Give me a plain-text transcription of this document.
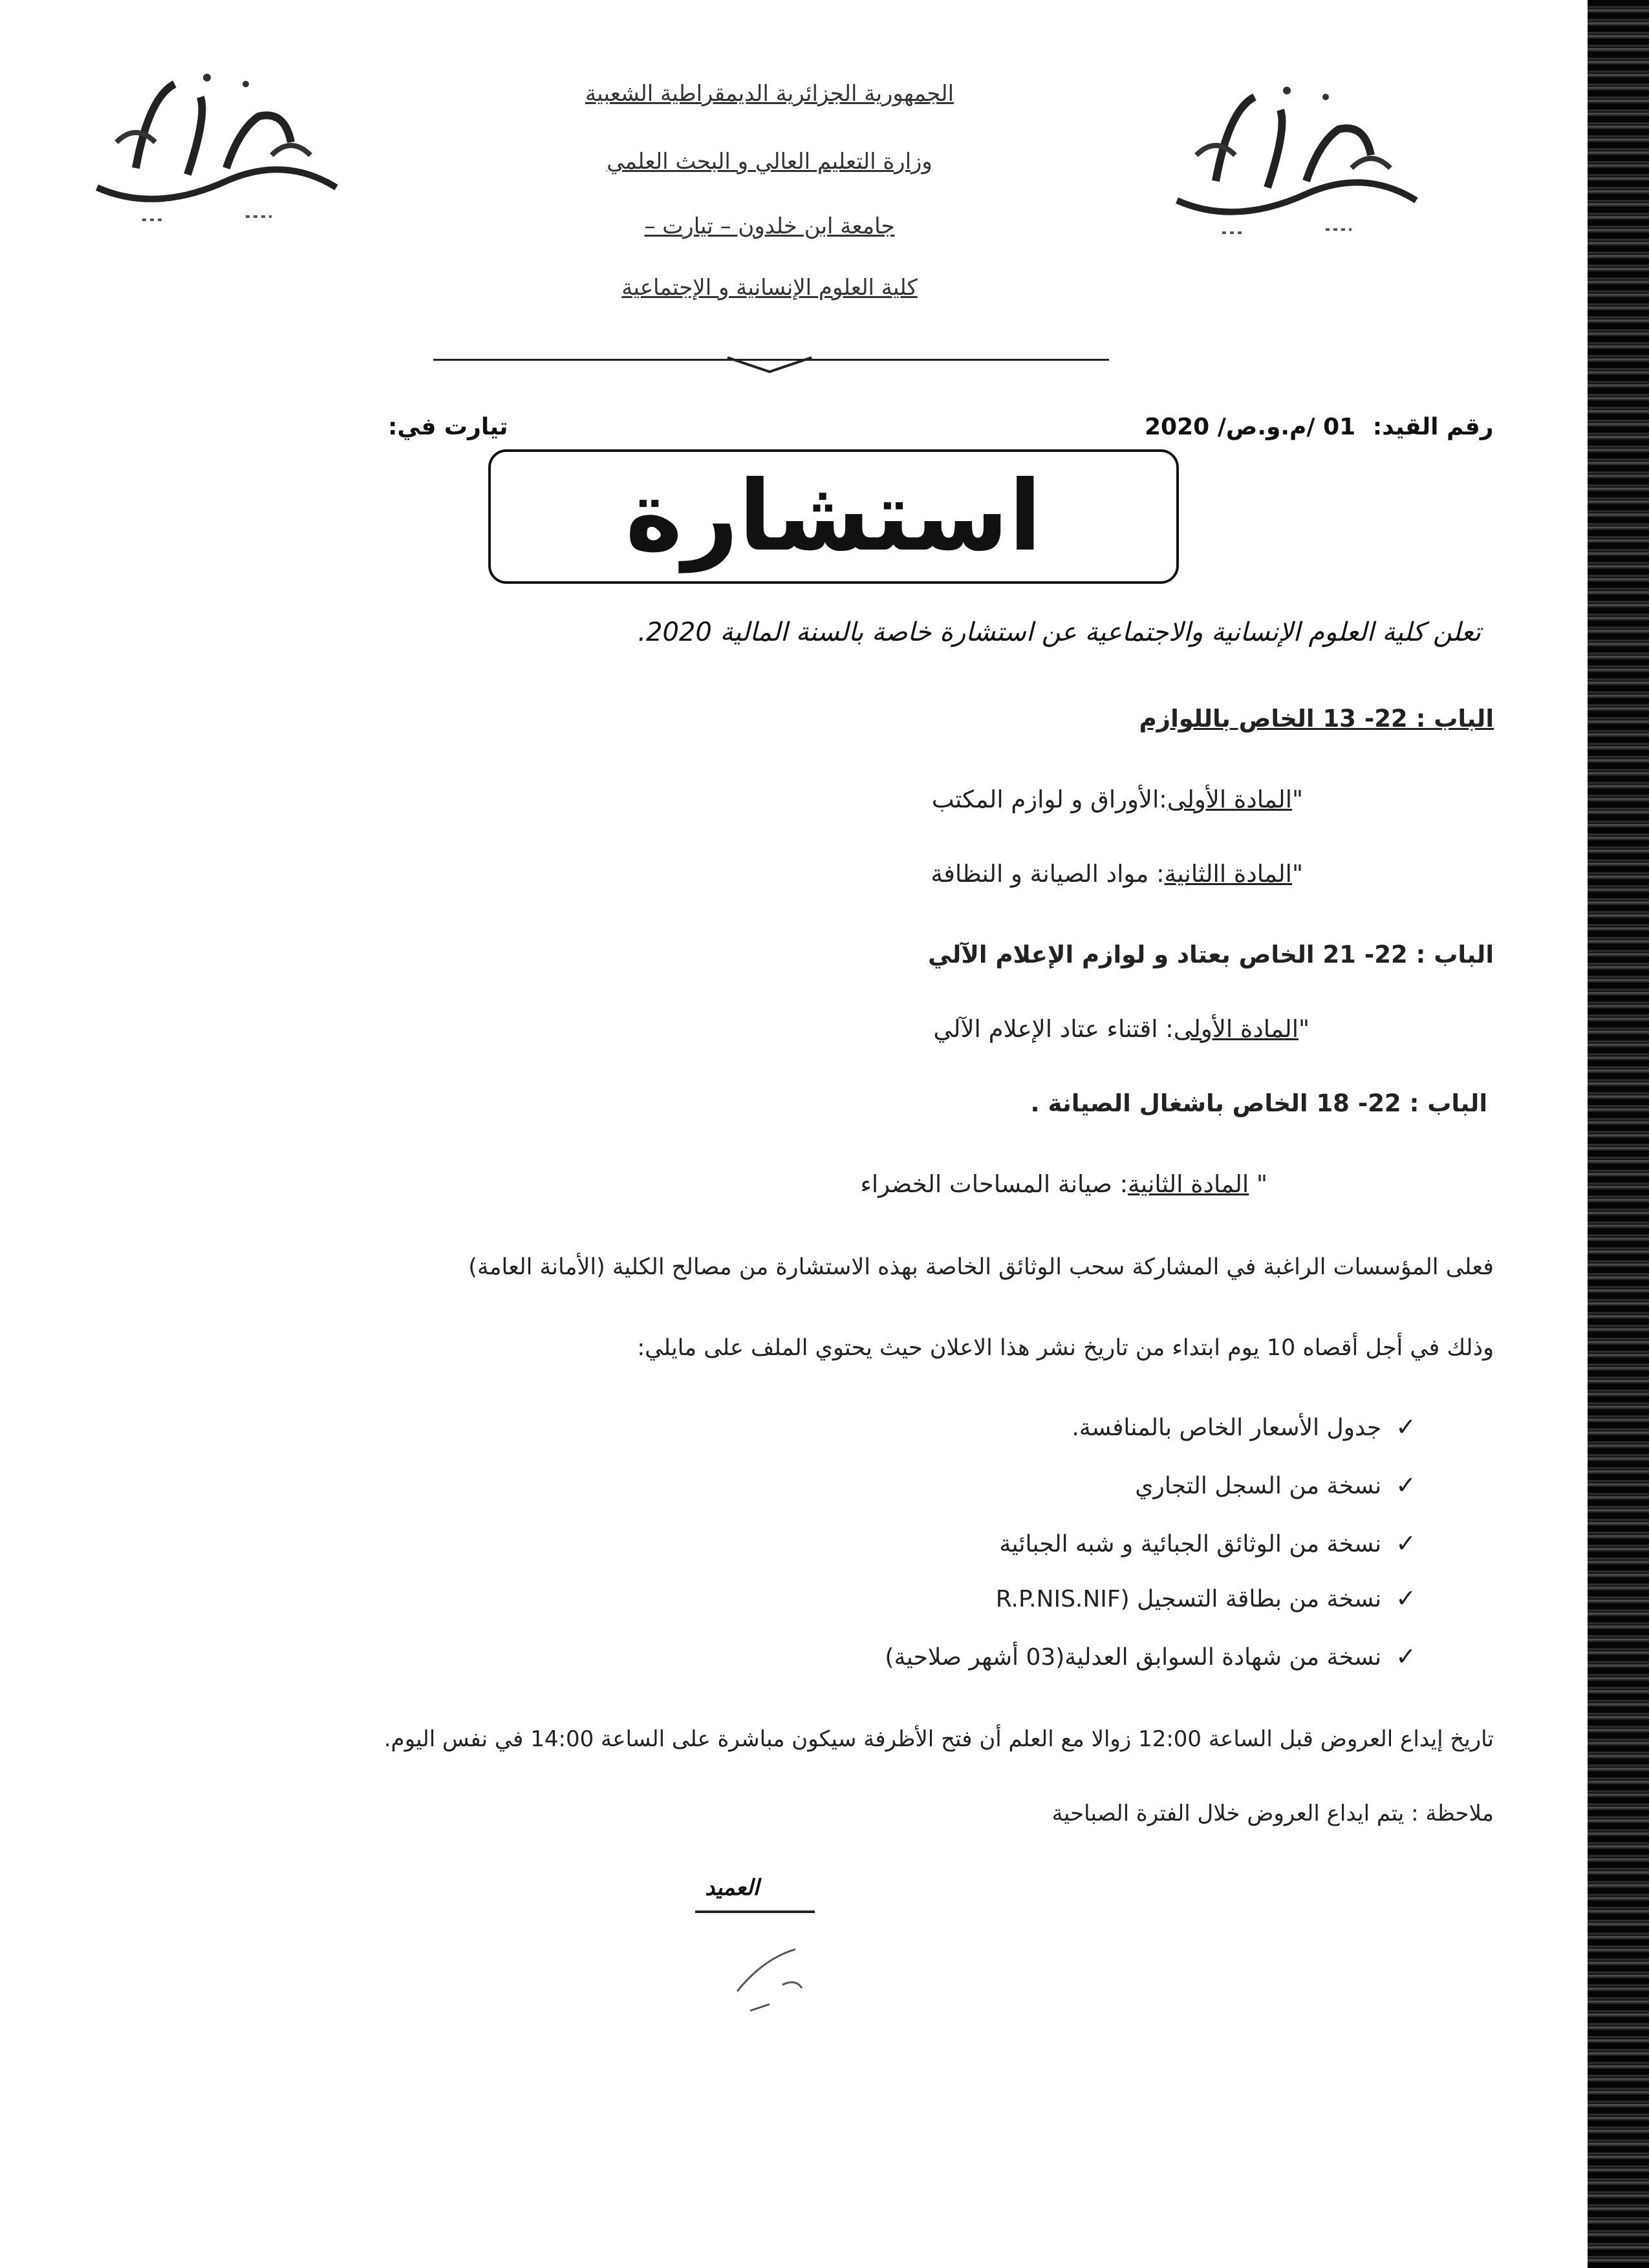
الجمهورية الجزائرية الديمقراطية الشعبية
وزارة التعليم العالي و البحث العلمي
جامعة ابن خلدون – تيارت –
كلية العلوم الإنسانية و الإجتماعية
رقم القيد: 01 /م.و.ص/ 2020
تيارت في:
استشارة
تعلن كلية العلوم الإنسانية والاجتماعية عن استشارة خاصة بالسنة المالية 2020.
الباب : 22- 13 الخاص باللوازم
"المادة الأولى:الأوراق و لوازم المكتب
"المادة االثانية: مواد الصيانة و النظافة
الباب : 22- 21 الخاص بعتاد و لوازم الإعلام الآلي
"المادة الأولى: اقتناء عتاد الإعلام الآلي
الباب : 22- 18 الخاص باشغال الصيانة .
" المادة الثانية: صيانة المساحات الخضراء
فعلى المؤسسات الراغبة في المشاركة سحب الوثائق الخاصة بهذه الاستشارة من مصالح الكلية (الأمانة العامة)
وذلك في أجل أقصاه 10 يوم ابتداء من تاريخ نشر هذا الاعلان حيث يحتوي الملف على مايلي:
✓جدول الأسعار الخاص بالمنافسة.
✓نسخة من السجل التجاري
✓نسخة من الوثائق الجبائية و شبه الجبائية
✓نسخة من بطاقة التسجيل (R.P.NIS.NIF
✓نسخة من شهادة السوابق العدلية(03 أشهر صلاحية)
تاريخ إيداع العروض قبل الساعة 12:00 زوالا مع العلم أن فتح الأظرفة سيكون مباشرة على الساعة 14:00 في نفس اليوم.
ملاحظة : يتم ايداع العروض خلال الفترة الصباحية
العميد
